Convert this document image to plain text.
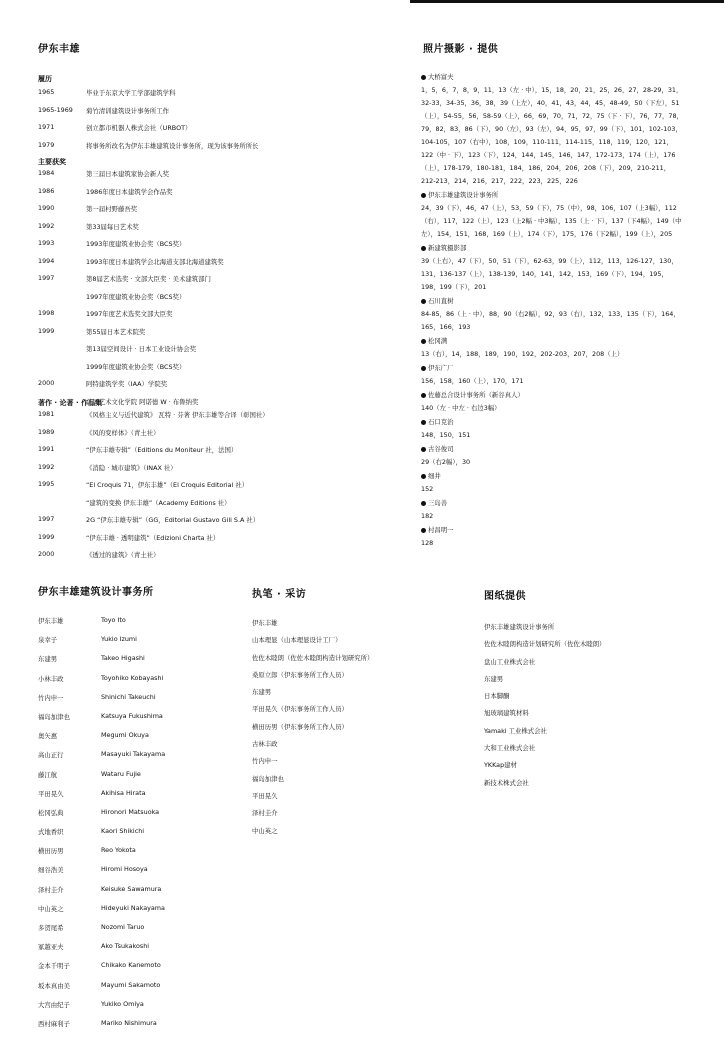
伊东丰雄
履历
1965	毕业于东京大学工学部建筑学科
1965-1969 菊竹清训建筑设计事务所工作
1971	创立都市机器人株式会社（URBOT）
1979	将事务所改名为伊东丰雄建筑设计事务所，现为该事务所所长
主要获奖
1984	第三届日本建筑家协会新人奖
1986	1986年度日本建筑学会作品奖
1990	第一届村野藤吾奖
1992	第33届每日艺术奖
1993	1993年度建筑业协会奖（BCS奖）
1994	1993年度日本建筑学会北海道支部北海道建筑奖
1997	第8届艺术选奖 · 文部大臣奖 · 美术建筑部门
1997年度建筑业协会奖（BCS奖）
1998	1997年度艺术选奖文部大臣奖
1999	第55届日本艺术院奖
第13届空间设计 · 日本工业设计协会奖
1999年度建筑业协会奖（BCS奖）
2000	阿特建筑学奖（IAA）学院奖
美国艺术文化学院 阿诺德 W · 布鲁纳奖
著作 · 论著 · 作品集
1981	《风格主义与近代建筑》 瓦特 · 芬著 伊东丰雄等合译（彰国社）
1989	《风的变样体》（青土社）
1991	“伊东丰雄专辑”（Editions du Moniteur 社，法国）
1992	《消隐 · 城市建筑》（INAX 社）
1995	“El Croquis 71，伊东丰雄”（El Croquis Editorial 社）
“建筑的变换 伊东丰雄”（Academy Editions 社）
1997	2G “伊东丰雄专辑”（GG，Editorial Gustavo Gili S.A 社）
1999	“伊东丰雄 · 透明建筑”（Edizioni Charta 社）
2000	《透过的建筑》（青土社）
照片摄影 · 提供
大桥富夫
1，5，6，7，8，9，11，13（左 · 中），15，18，20，21，25，26，27，28-29，31，32-33，34-35，36，38，39（上左），40，41，43，44，45，48-49，50（下左），51（上），54-55，56，58-59（上），66，69，70，71，72，75（下 · 下），76，77，78，79，82，83，86（下），90（左），93（左），94，95，97，99（下），101，102-103，104-105，107（右中），108，109，110-111，114-115，118，119，120，121，122（中 · 下），123（下），124，144，145，146，147，172-173，174（上），176（上），178-179，180-181，184，186，204，206，208（下），209，210-211，212-213，214，216，217，222，223，225，226
伊东丰雄建筑设计事务所
24，39（下），46，47（上），53，59（下），75（中），98，106，107（上3幅），112（右），117，122（上），123（上2幅 · 中3幅），135（上 · 下），137（下4幅），149（中左），154，151，168，169（上），174（下），175，176（下2幅），199（上），205
新建筑摄影部
39（上右），47（下），50，51（下），62-63，99（上），112，113，126-127，130，131，136-137（上），138-139，140，141，142，153，169（下），194，195，198，199（下），201
石川直树
84-85，86（上 · 中），88，90（右2幅），92，93（右），132，133，135（下），164，165，166，193
松冈满
13（右），14，188，189，190，192，202-203，207，208（上）
伊东广厂
156，158，160（上），170，171
佐藤总合设计事务所（新谷真人）
140（左 · 中左 · 右边3幅）
石口克治
148，150，151
古谷俊司
29（右2幅），30
细井
152
三岛善
182
村昌明一
128
伊东丰雄建筑设计事务所
伊东丰雄	Toyo Ito
泉幸子	Yukio Izumi
东建男	Takeo Higashi
小林丰政	Toyohiko Kobayashi
竹内申一	Shinichi Takeuchi
福岛加津也	Katsuya Fukushima
奥矢惠	Megumi Okuya
高山正行	Masayuki Takayama
藤江航	Wataru Fujie
平田晃久	Akihisa Hirata
松冈弘典	Hironori Matsuoka
式地香织	Kaori Shikichi
横田历男	Reo Yokota
细谷浩美	Hiromi Hosoya
泽村圭介	Keisuke Sawamura
中山英之	Hideyuki Nakayama
多贺尾希	Nozomi Taruo
冢越亚夫	Ako Tsukakoshi
金本千明子	Chikako Kanemoto
坂本真由美	Mayumi Sakamoto
大宫由纪子	Yukiko Omiya
西村麻利子	Mariko Nishimura
执笔 · 采访
伊东丰雄
山本理显（山本理显设计工厂）
佐佐木睦朗（佐佐木睦朗构造计划研究所）
桑原立郎（伊东事务所工作人员）
东建男
平田晃久（伊东事务所工作人员）
横田历男（伊东事务所工作人员）
古林丰政
竹内申一
福岛加津也
平田晃久
泽村圭介
中山英之
图纸提供
伊东丰雄建筑设计事务所
佐佐木睦朗构造计划研究所（佐佐木睦朗）
盘山工业株式会社
东建男
日本脚酮
旭玻璃建筑材料
Yamaki 工业株式会社
大和工业株式会社
YKKap建材
新技术株式会社
